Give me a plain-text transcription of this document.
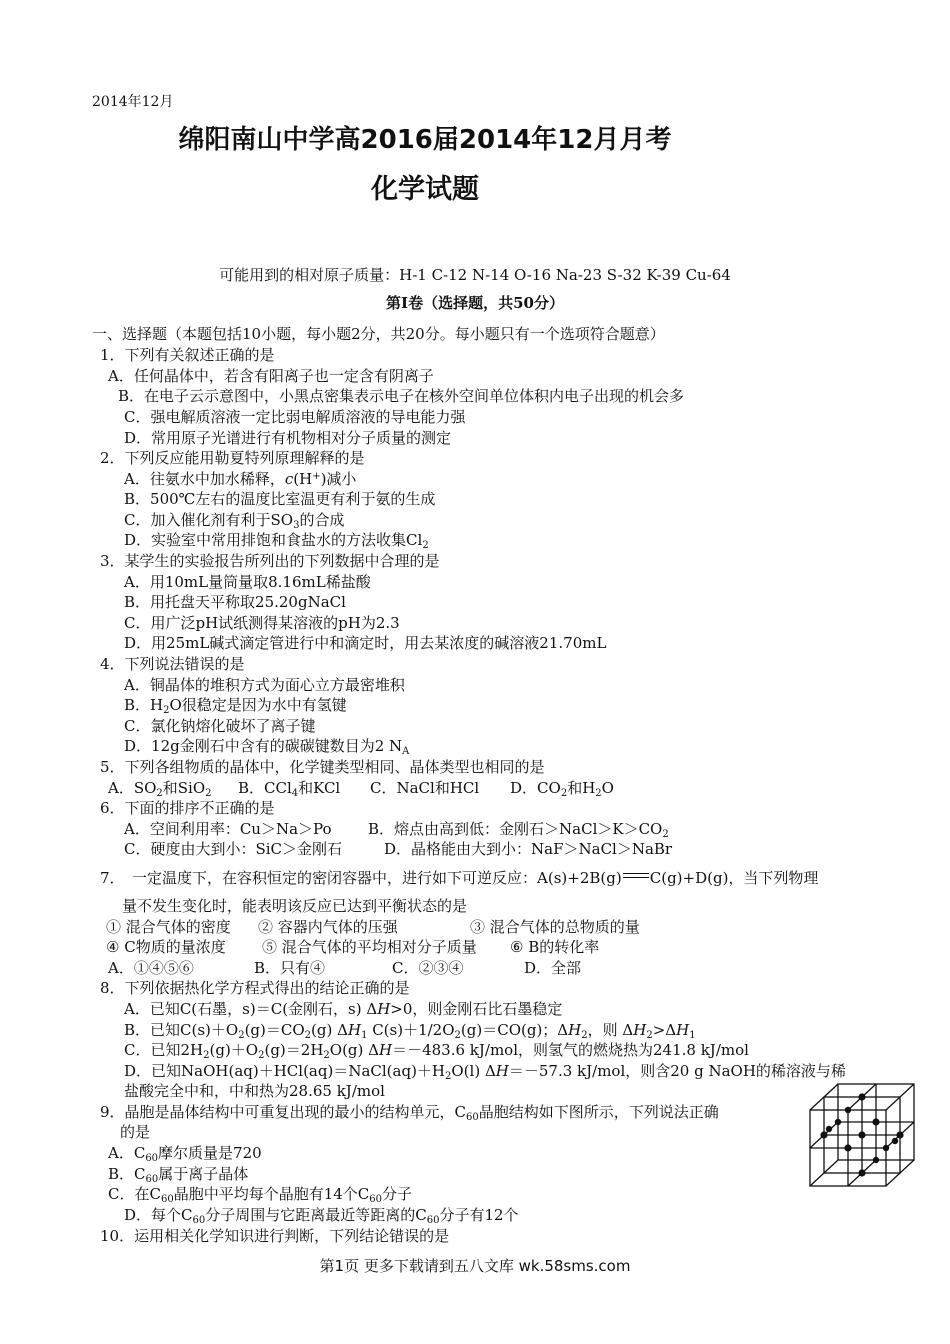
2014年12月
绵阳南山中学高2016届2014年12月月考
化学试题
可能用到的相对原子质量：H-1 C-12 N-14 O-16 Na-23 S-32 K-39 Cu-64
第Ⅰ卷（选择题，共50分）
一、选择题（本题包括10小题，每小题2分，共20分。每小题只有一个选项符合题意）
1．下列有关叙述正确的是
A．任何晶体中，若含有阳离子也一定含有阴离子
B．在电子云示意图中，小黑点密集表示电子在核外空间单位体积内电子出现的机会多
C．强电解质溶液一定比弱电解质溶液的导电能力强
D．常用原子光谱进行有机物相对分子质量的测定
2．下列反应能用勒夏特列原理解释的是
A．往氨水中加水稀释，c(H+)减小
B．500℃左右的温度比室温更有利于氨的生成
C．加入催化剂有利于$SO_3$的合成
D．实验室中常用排饱和食盐水的方法收集$Cl_2$
3．某学生的实验报告所列出的下列数据中合理的是
A．用10mL量筒量取8.16mL稀盐酸
B．用托盘天平称取25.20gNaCl
C．用广泛pH试纸测得某溶液的pH为2.3
D．用25mL碱式滴定管进行中和滴定时，用去某浓度的碱溶液21.70mL
4．下列说法错误的是
A．铜晶体的堆积方式为面心立方最密堆积
B．$H_2O$很稳定是因为水中有氢键
C．氯化钠熔化破坏了离子键
D．12g金刚石中含有的碳碳键数目为2 $N_A$
5．下列各组物质的晶体中，化学键类型相同、晶体类型也相同的是
A．$SO_2$和SiO$_2$ B．CCl$_4$和KCl C．NaCl和HCl D．$CO_2$和$H_2O$
6．下面的排序不正确的是
A．空间利用率：Cu＞Na＞Po B．熔点由高到低：金刚石$>NaCl>K>CO_2$
C．硬度由大到小：SiC＞金刚石	D．晶格能由大到小：NaF＞NaCl＞NaBr
7．　一定温度下，在容积恒定的密闭容器中，进行如下可逆反应：A(s)+2B(g) C(g)+D(g)，当下列物理
量不发生变化时，能表明该反应已达到平衡状态的是
① 混合气体的密度 ② 容器内气体的压强	③ 混合气体的总物质的量
④ C物质的量浓度 ⑤ 混合气体的平均相对分子质量 ⑥ B的转化率
A．①④⑤⑥	B．只有④	C．②③④	D．全部
8．下列依据热化学方程式得出的结论正确的是
A．已知C(石墨，s)＝C(金刚石，s) ΔH>0，则金刚石比石墨稳定
B．已知$C(s)+O_2(g)=CO_2(g)$ $\Delta H_1$ $C(s)+1/2O_2(g)=CO(g)$；$\Delta H_2$，则 $\Delta H_2>\Delta H_1$
C．已知$2H_2(g)+O_2(g)=2H_2O(g)$ ΔH＝－483.6 kJ/mol，则氢气的燃烧热为241.8 kJ/mol
D．已知$NaOH(aq)+HCl(aq)=NaCl(aq)+H_2O(l)$ ΔH＝－57.3 kJ/mol，则含20 g NaOH的稀溶液与稀
盐酸完全中和，中和热为28.65 kJ/mol
9．晶胞是晶体结构中可重复出现的最小的结构单元，$C_{60}$晶胞结构如下图所示，下列说法正确
的是
A．$C_{60}$摩尔质量是720
B．$C_{60}$属于离子晶体
C．在$C_{60}$晶胞中平均每个晶胞有14个$C_{60}$分子
D．每个$C_{60}$分子周围与它距离最近等距离的$C_{60}$分子有12个
10．运用相关化学知识进行判断，下列结论错误的是
第1页 更多下载请到五八文库 wk.58sms.com
